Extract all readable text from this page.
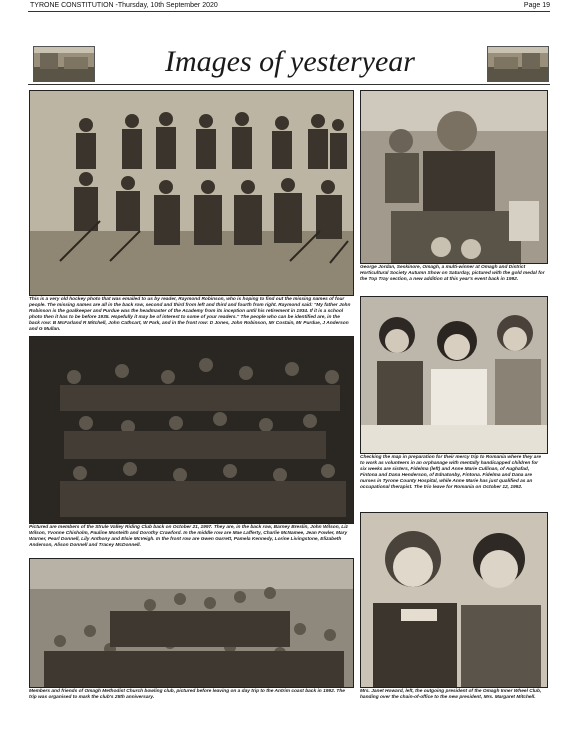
TYRONE CONSTITUTION -Thursday, 10th September 2020	Page 19
Images of yesteryear
This is a very old hockey photo that was emailed to us by reader, Raymond Robinson, who is hoping to find out the missing names of four people. The missing names are all in the back row, second and third from left and third and fourth from right. Raymond said: "My father John Robinson is the goalkeeper and Purdue was the headmaster of the Academy from its inception until his retirement in 1934. If it is a school photo then it has to be before 1935. Hopefully it may be of interest to some of your readers." The people who can be identified are, in the back row: B McFarland R Mitchell, John Cathcart, W Park, and in the front row: D Jones, John Robinson, Mr Costain, Mr Purdue, J Anderson and G Mullan.
George Jordan, Seskinore, Omagh, a multi-winner at Omagh and District Horticultural Society Autumn Show on Saturday, pictured with the gold medal for the Top Tray section, a new addition at this year's event back in 1992.
Pictured are members of the Strule Valley Riding Club back on October 21, 1997. They are, in the back row, Barney Breslin, John Wilson, Liz Wilson, Yvonne Chisholm, Pauline Monteith and Dorothy Crawford. In the middle row are Mae Lafferty, Charlie McNamee, Jean Fowler, Mary Warner, Pearl Donnell, Lily Anthony and Elsie McVeigh. In the front row are Gwen Garrett, Pamela Kennedy, Lorine Livingstone, Elizabeth Anderson, Alison Donnell and Tracey McDonnell.
Checking the map in preparation for their mercy trip to Romania where they are to work as volunteers in an orphanage with mentally handicapped children for six weeks are sisters, Fidelma (left) and Anne Marie Cullinan, of Aughafad, Fintona and Dana Henderson, of Ednatonby, Fintona. Fidelma and Dana are nurses in Tyrone County Hospital, while Anne Marie has just qualified as an occupational therapist. The trio leave for Romania on October 12, 1992.
Members and friends of Omagh Methodist Church bowling club, pictured before leaving on a day trip to the Antrim coast back in 1992. The trip was organised to mark the club's 25th anniversary.
Mrs. Janet Howard, left, the outgoing president of the Omagh Inner Wheel Club, handing over the chain-of-office to the new president, Mrs. Margaret Mitchell.
